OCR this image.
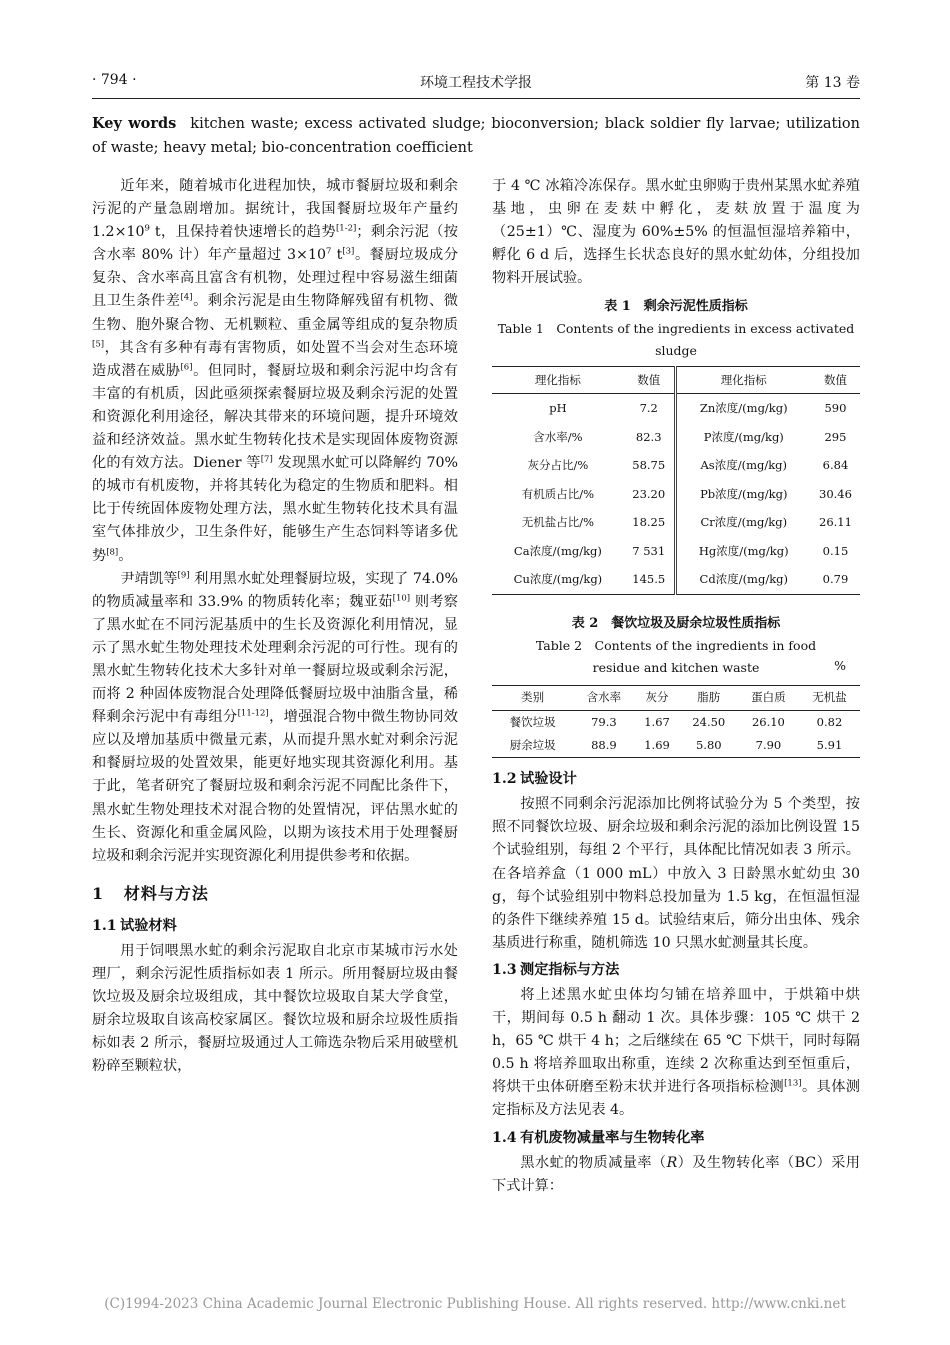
· 794 ·	环境工程技术学报	第 13 卷
Key words kitchen waste; excess activated sludge; bioconversion; black soldier fly larvae; utilization of waste; heavy metal; bio-concentration coefficient

近年来，随着城市化进程加快，城市餐厨垃圾和剩余污泥的产量急剧增加。据统计，我国餐厨垃圾年产量约 $1.2\times 10^9$ t，且保持着快速增长的趋势[1-2]；剩余污泥（按含水率 80% 计）年产量超过 $3\times 10^7$ t[3]。餐厨垃圾成分复杂、含水率高且富含有机物，处理过程中容易滋生细菌且卫生条件差[4]。剩余污泥是由生物降解残留有机物、微生物、胞外聚合物、无机颗粒、重金属等组成的复杂物质[5]，其含有多种有毒有害物质，如处置不当会对生态环境造成潜在威胁[6]。但同时，餐厨垃圾和剩余污泥中均含有丰富的有机质，因此亟须探索餐厨垃圾及剩余污泥的处置和资源化利用途径，解决其带来的环境问题，提升环境效益和经济效益。黑水虻生物转化技术是实现固体废物资源化的有效方法。Diener 等[7] 发现黑水虻可以降解约 70% 的城市有机废物，并将其转化为稳定的生物质和肥料。相比于传统固体废物处理方法，黑水虻生物转化技术具有温室气体排放少，卫生条件好，能够生产生态饲料等诸多优势[8]。

尹靖凯等[9] 利用黑水虻处理餐厨垃圾，实现了 74.0% 的物质减量率和 33.9% 的物质转化率；魏亚茹[10] 则考察了黑水虻在不同污泥基质中的生长及资源化利用情况，显示了黑水虻生物处理技术处理剩余污泥的可行性。现有的黑水虻生物转化技术大多针对单一餐厨垃圾或剩余污泥，而将 2 种固体废物混合处理降低餐厨垃圾中油脂含量，稀释剩余污泥中有毒组分[11-12]，增强混合物中微生物协同效应以及增加基质中微量元素，从而提升黑水虻对剩余污泥和餐厨垃圾的处置效果，能更好地实现其资源化利用。基于此，笔者研究了餐厨垃圾和剩余污泥不同配比条件下，黑水虻生物处理技术对混合物的处置情况，评估黑水虻的生长、资源化和重金属风险，以期为该技术用于处理餐厨垃圾和剩余污泥并实现资源化利用提供参考和依据。

1 材料与方法
1.1 试验材料

用于饲喂黑水虻的剩余污泥取自北京市某城市污水处理厂，剩余污泥性质指标如表 1 所示。所用餐厨垃圾由餐饮垃圾及厨余垃圾组成，其中餐饮垃圾取自某大学食堂，厨余垃圾取自该高校家属区。餐饮垃圾和厨余垃圾性质指标如表 2 所示，餐厨垃圾通过人工筛选杂物后采用破壁机粉碎至颗粒状，

于 4 ℃ 冰箱冷冻保存。黑水虻虫卵购于贵州某黑水虻养殖基地，虫卵在麦麸中孵化，麦麸放置于温度为（25±1）℃、湿度为 60%±5% 的恒温恒湿培养箱中，孵化 6 d 后，选择生长状态良好的黑水虻幼体，分组投加物料开展试验。

表 1　剩余污泥性质指标
Table 1　Contents of the ingredients in excess activated sludge
理化指标	数值	理化指标	数值
pH	7.2	Zn浓度/(mg/kg)	590
含水率/%	82.3	P浓度/(mg/kg)	295
灰分占比/%	58.75	As浓度/(mg/kg)	6.84
有机质占比/%	23.20	Pb浓度/(mg/kg)	30.46
无机盐占比/%	18.25	Cr浓度/(mg/kg)	26.11
Ca浓度/(mg/kg)	7 531	Hg浓度/(mg/kg)	0.15
Cu浓度/(mg/kg)	145.5	Cd浓度/(mg/kg)	0.79
表 2　餐饮垃圾及厨余垃圾性质指标
Table 2　Contents of the ingredients in food
residue and kitchen waste	%
类别	含水率	灰分	脂肪	蛋白质	无机盐
餐饮垃圾	79.3	1.67	24.50	26.10	0.82
厨余垃圾	88.9	1.69	5.80	7.90	5.91
1.2 试验设计

按照不同剩余污泥添加比例将试验分为 5 个类型，按照不同餐饮垃圾、厨余垃圾和剩余污泥的添加比例设置 15 个试验组别，每组 2 个平行，具体配比情况如表 3 所示。在各培养盒（1 000 mL）中放入 3 日龄黑水虻幼虫 30 g，每个试验组别中物料总投加量为 1.5 kg，在恒温恒湿的条件下继续养殖 15 d。试验结束后，筛分出虫体、残余基质进行称重，随机筛选 10 只黑水虻测量其长度。

1.3 测定指标与方法

将上述黑水虻虫体均匀铺在培养皿中，于烘箱中烘干，期间每 0.5 h 翻动 1 次。具体步骤：105 ℃ 烘干 2 h，65 ℃ 烘干 4 h；之后继续在 65 ℃ 下烘干，同时每隔 0.5 h 将培养皿取出称重，连续 2 次称重达到至恒重后，将烘干虫体研磨至粉末状并进行各项指标检测[13]。具体测定指标及方法见表 4。

1.4 有机废物减量率与生物转化率

黑水虻的物质减量率（R）及生物转化率（BC）采用下式计算：

(C)1994-2023 China Academic Journal Electronic Publishing House. All rights reserved. http://www.cnki.net
